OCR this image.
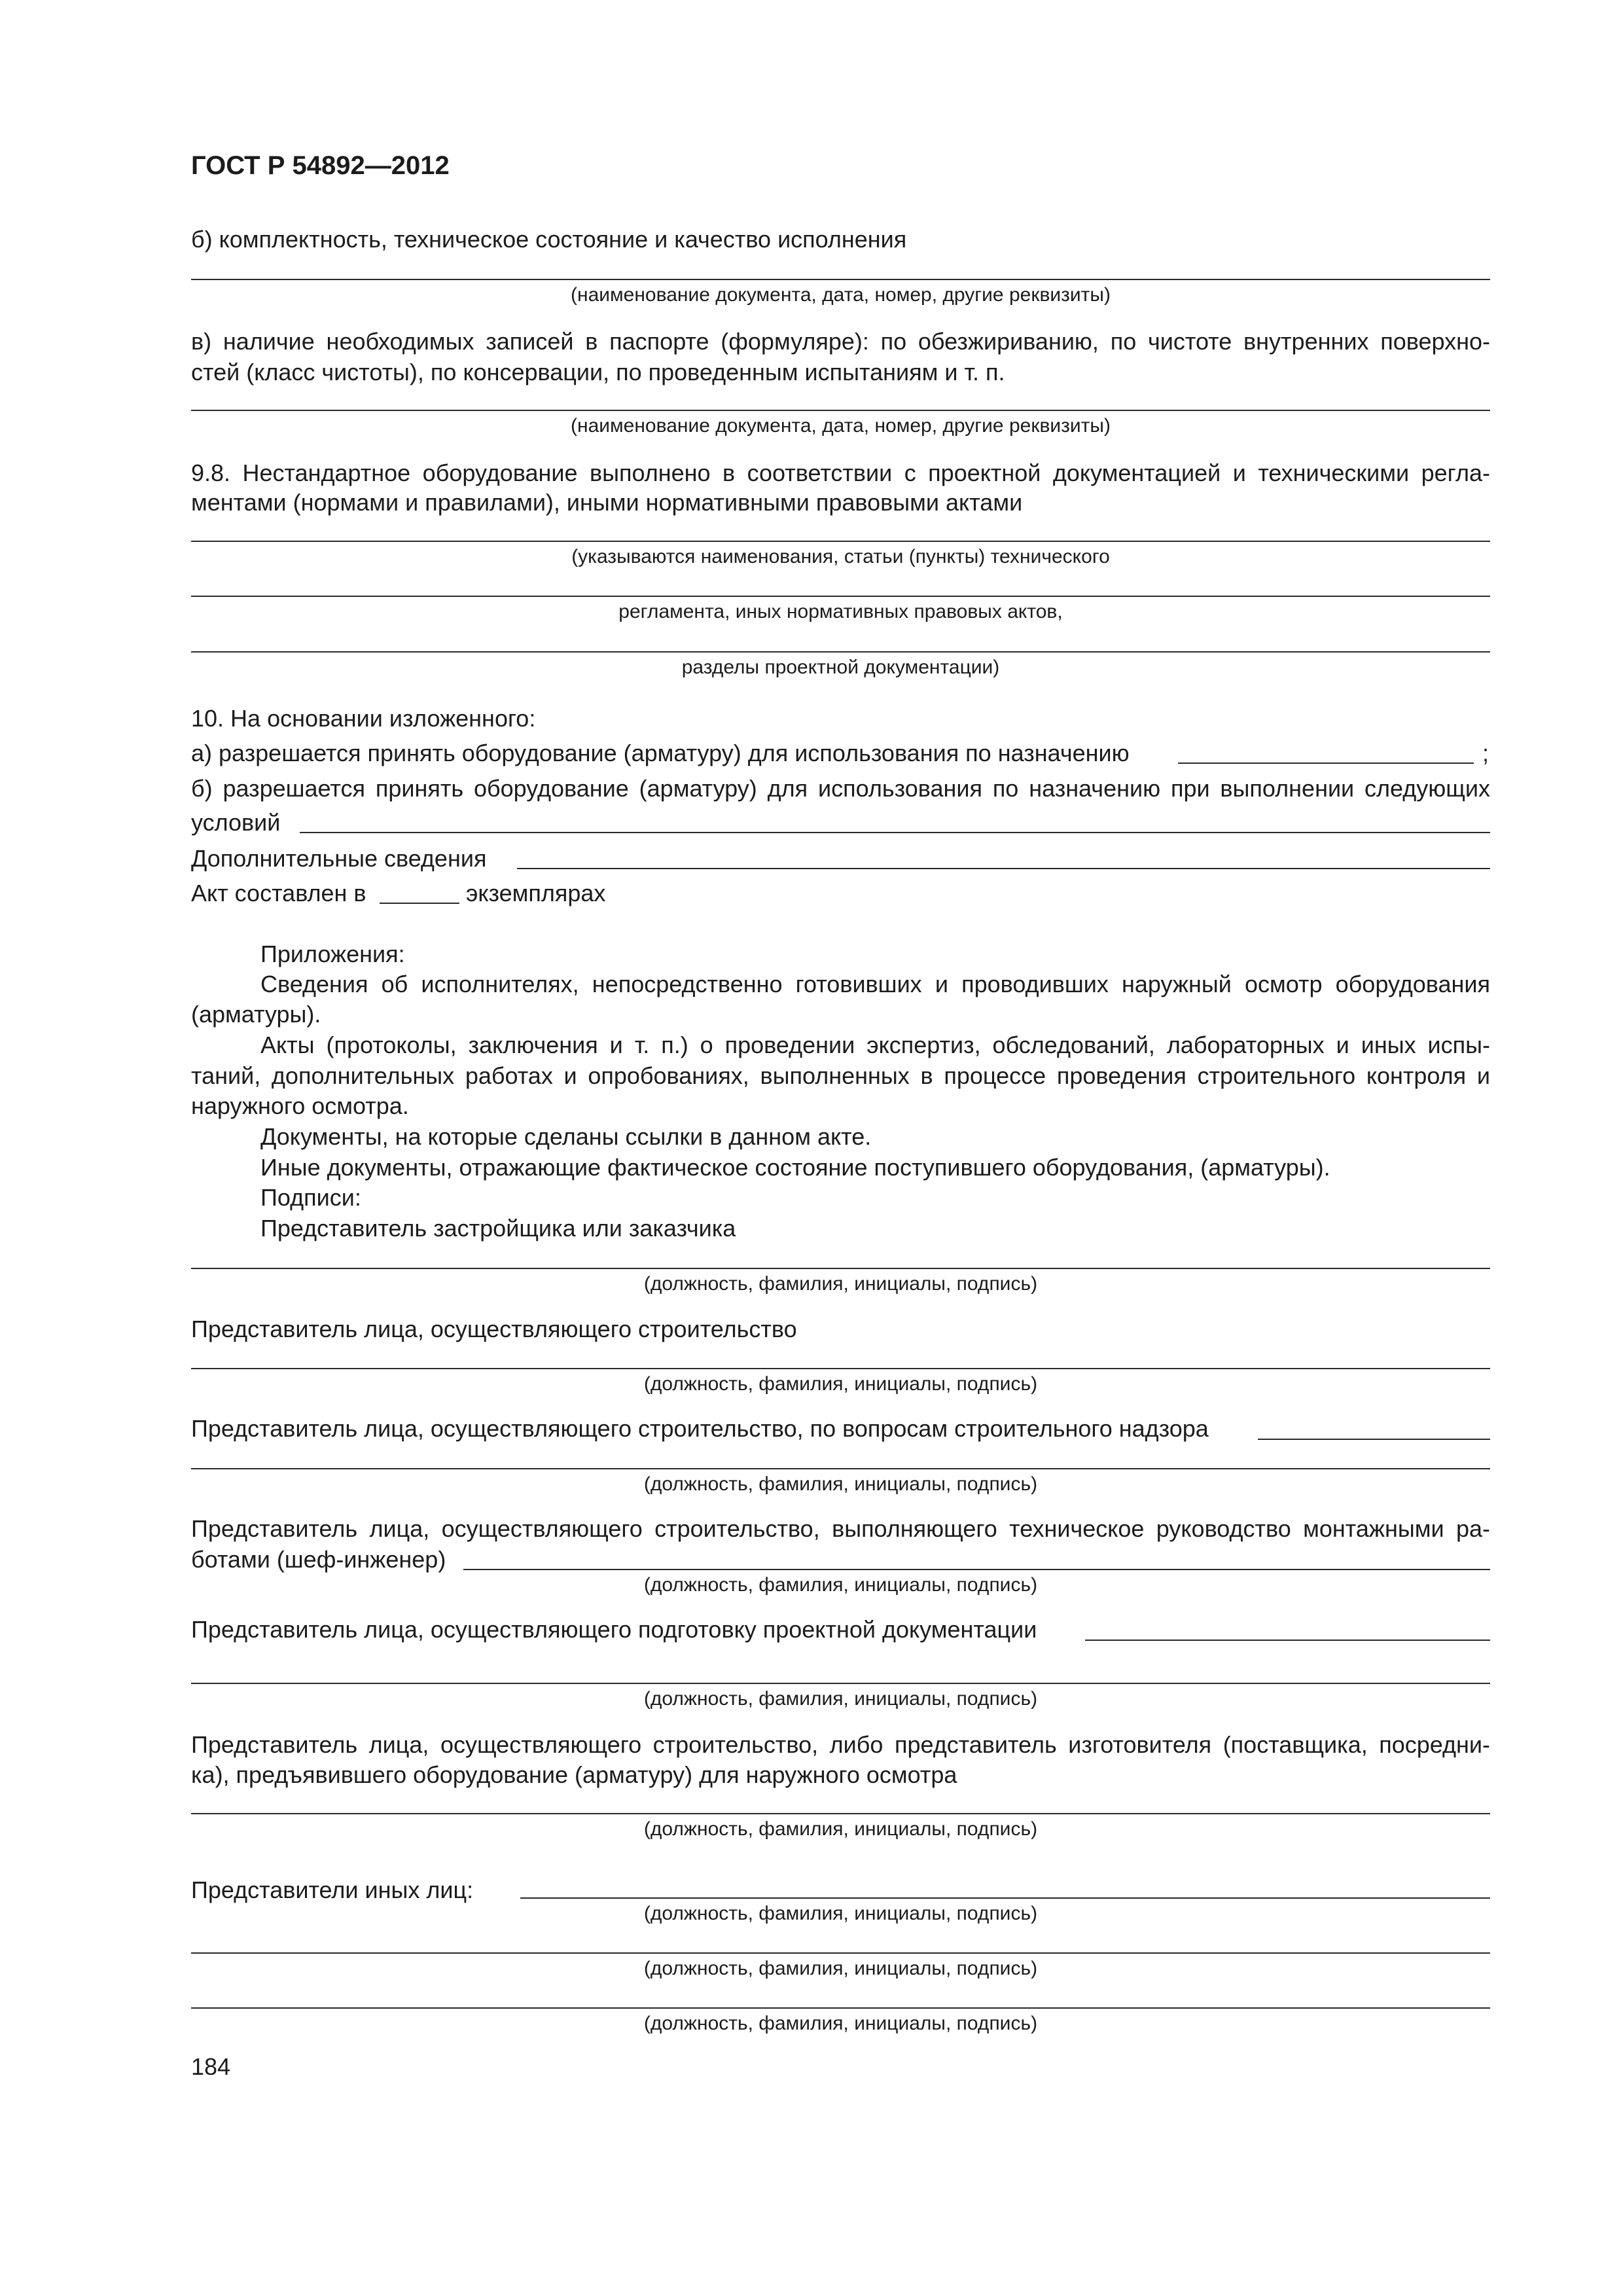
ГОСТ Р 54892—2012
б) комплектность, техническое состояние и качество исполнения
(наименование документа, дата, номер, другие реквизиты)
в) наличие необходимых записей в паспорте (формуляре): по обезжириванию, по чистоте внутренних поверхно-
стей (класс чистоты), по консервации, по проведенным испытаниям и т. п.
(наименование документа, дата, номер, другие реквизиты)
9.8. Нестандартное оборудование выполнено в соответствии с проектной документацией и техническими регла-
ментами (нормами и правилами), иными нормативными правовыми актами
(указываются наименования, статьи (пункты) технического
регламента, иных нормативных правовых актов,
разделы проектной документации)
10. На основании изложенного:
а) разрешается принять оборудование (арматуру) для использования по назначению	;
б) разрешается принять оборудование (арматуру) для использования по назначению при выполнении следующих
условий
Дополнительные сведения
Акт составлен в	экземплярах
Приложения:
Сведения об исполнителях, непосредственно готовивших и проводивших наружный осмотр оборудования
(арматуры).
Акты (протоколы, заключения и т. п.) о проведении экспертиз, обследований, лабораторных и иных испы-
таний, дополнительных работах и опробованиях, выполненных в процессе проведения строительного контроля и
наружного осмотра.
Документы, на которые сделаны ссылки в данном акте.
Иные документы, отражающие фактическое состояние поступившего оборудования, (арматуры).
Подписи:
Представитель застройщика или заказчика
(должность, фамилия, инициалы, подпись)
Представитель лица, осуществляющего строительство
(должность, фамилия, инициалы, подпись)
Представитель лица, осуществляющего строительство, по вопросам строительного надзора
(должность, фамилия, инициалы, подпись)
Представитель лица, осуществляющего строительство, выполняющего техническое руководство монтажными ра-
ботами (шеф-инженер)
(должность, фамилия, инициалы, подпись)
Представитель лица, осуществляющего подготовку проектной документации
(должность, фамилия, инициалы, подпись)
Представитель лица, осуществляющего строительство, либо представитель изготовителя (поставщика, посредни-
ка), предъявившего оборудование (арматуру) для наружного осмотра
(должность, фамилия, инициалы, подпись)
Представители иных лиц:
(должность, фамилия, инициалы, подпись)
(должность, фамилия, инициалы, подпись)
(должность, фамилия, инициалы, подпись)
184
